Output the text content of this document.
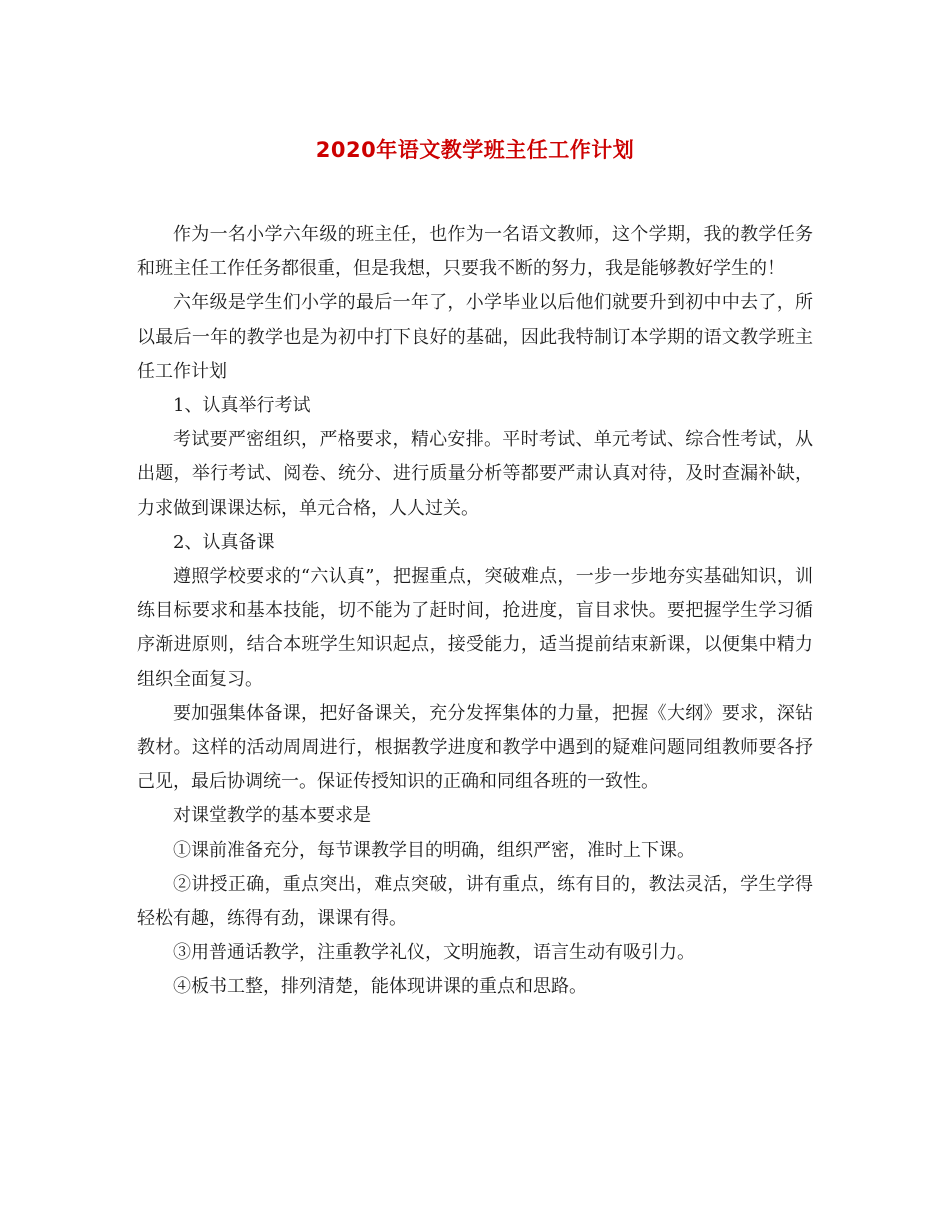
2020年语文教学班主任工作计划

作为一名小学六年级的班主任，也作为一名语文教师，这个学期，我的教学任务和班主任工作任务都很重，但是我想，只要我不断的努力，我是能够教好学生的！

六年级是学生们小学的最后一年了，小学毕业以后他们就要升到初中中去了，所以最后一年的教学也是为初中打下良好的基础，因此我特制订本学期的语文教学班主任工作计划

1、认真举行考试

考试要严密组织，严格要求，精心安排。平时考试、单元考试、综合性考试，从出题，举行考试、阅卷、统分、进行质量分析等都要严肃认真对待，及时查漏补缺，力求做到课课达标，单元合格，人人过关。

2、认真备课

遵照学校要求的“六认真”，把握重点，突破难点，一步一步地夯实基础知识，训练目标要求和基本技能，切不能为了赶时间，抢进度，盲目求快。要把握学生学习循序渐进原则，结合本班学生知识起点，接受能力，适当提前结束新课，以便集中精力组织全面复习。

要加强集体备课，把好备课关，充分发挥集体的力量，把握《大纲》要求，深钻教材。这样的活动周周进行，根据教学进度和教学中遇到的疑难问题同组教师要各抒己见，最后协调统一。保证传授知识的正确和同组各班的一致性。

对课堂教学的基本要求是

①课前准备充分，每节课教学目的明确，组织严密，准时上下课。

②讲授正确，重点突出，难点突破，讲有重点，练有目的，教法灵活，学生学得轻松有趣，练得有劲，课课有得。

③用普通话教学，注重教学礼仪，文明施教，语言生动有吸引力。

④板书工整，排列清楚，能体现讲课的重点和思路。
